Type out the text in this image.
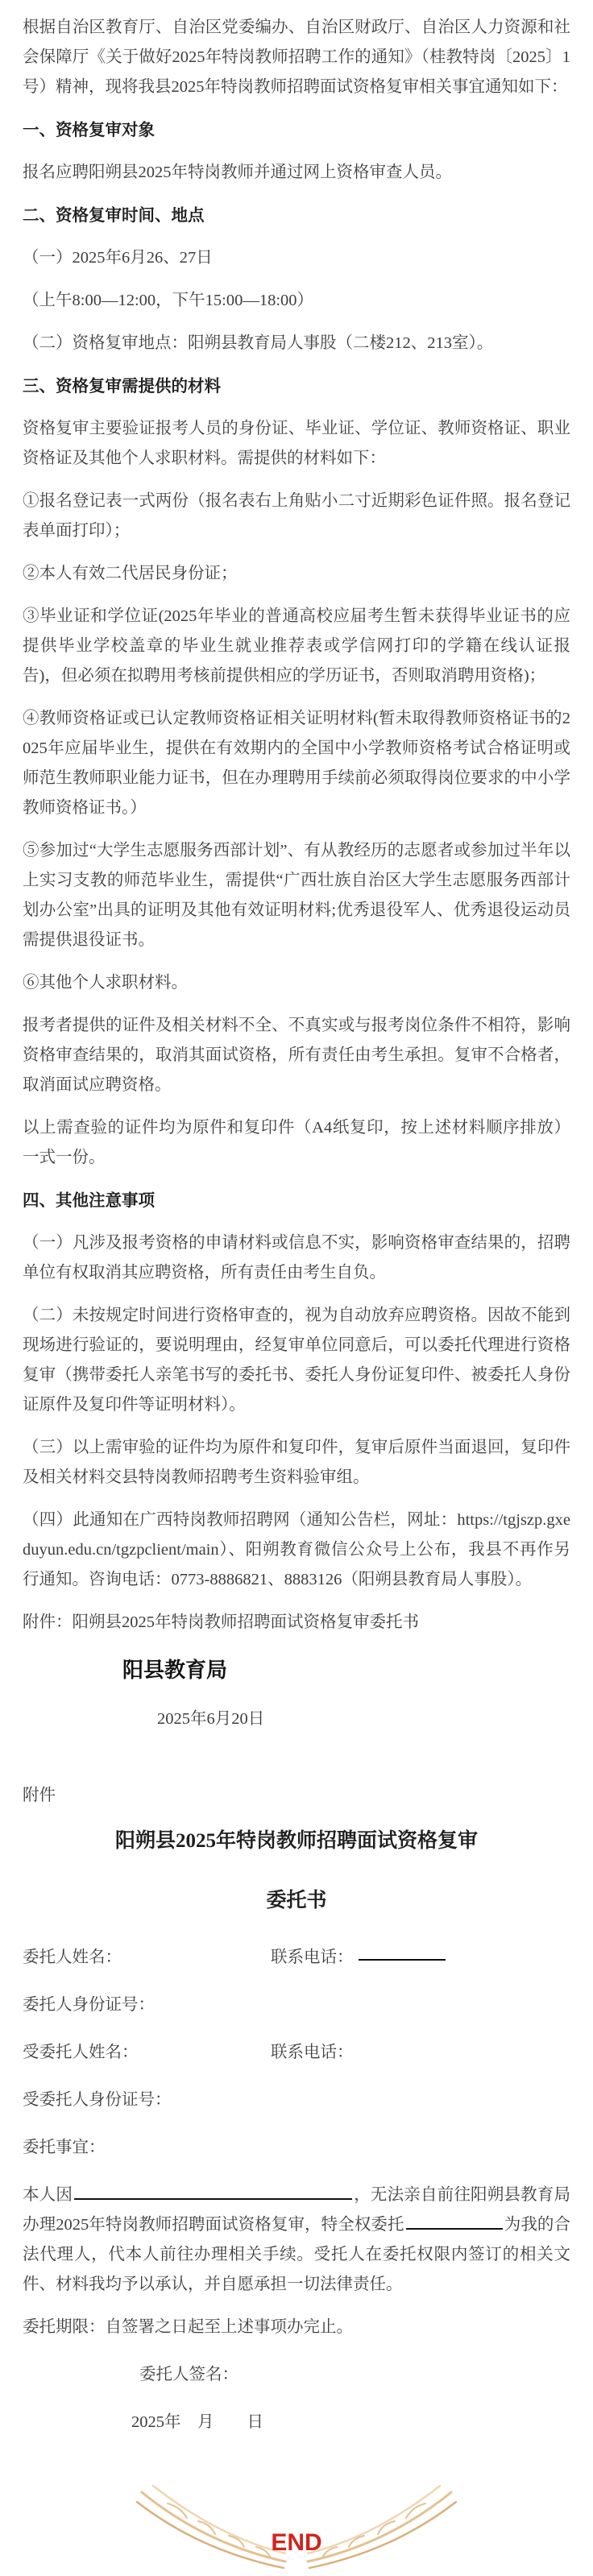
根据自治区教育厅、自治区党委编办、自治区财政厅、自治区人力资源和社会保障厅《关于做好2025年特岗教师招聘工作的通知》（桂教特岗〔2025〕1号）精神，现将我县2025年特岗教师招聘面试资格复审相关事宜通知如下：

一、资格复审对象

报名应聘阳朔县2025年特岗教师并通过网上资格审查人员。

二、资格复审时间、地点

（一）2025年6月26、27日

（上午8:00—12:00，下午15:00—18:00）

（二）资格复审地点：阳朔县教育局人事股（二楼212、213室）。

三、资格复审需提供的材料

资格复审主要验证报考人员的身份证、毕业证、学位证、教师资格证、职业资格证及其他个人求职材料。需提供的材料如下：

①报名登记表一式两份（报名表右上角贴小二寸近期彩色证件照。报名登记表单面打印）；

②本人有效二代居民身份证；

③毕业证和学位证(2025年毕业的普通高校应届考生暂未获得毕业证书的应提供毕业学校盖章的毕业生就业推荐表或学信网打印的学籍在线认证报告)，但必须在拟聘用考核前提供相应的学历证书，否则取消聘用资格)；

④教师资格证或已认定教师资格证相关证明材料(暂未取得教师资格证书的2025年应届毕业生，提供在有效期内的全国中小学教师资格考试合格证明或师范生教师职业能力证书，但在办理聘用手续前必须取得岗位要求的中小学教师资格证书。）

⑤参加过“大学生志愿服务西部计划”、有从教经历的志愿者或参加过半年以上实习支教的师范毕业生，需提供“广西壮族自治区大学生志愿服务西部计划办公室”出具的证明及其他有效证明材料;优秀退役军人、优秀退役运动员需提供退役证书。

⑥其他个人求职材料。

报考者提供的证件及相关材料不全、不真实或与报考岗位条件不相符，影响资格审查结果的，取消其面试资格，所有责任由考生承担。复审不合格者，取消面试应聘资格。

以上需查验的证件均为原件和复印件（A4纸复印，按上述材料顺序排放）一式一份。

四、其他注意事项

（一）凡涉及报考资格的申请材料或信息不实，影响资格审查结果的，招聘单位有权取消其应聘资格，所有责任由考生自负。

（二）未按规定时间进行资格审查的，视为自动放弃应聘资格。因故不能到现场进行验证的，要说明理由，经复审单位同意后，可以委托代理进行资格复审（携带委托人亲笔书写的委托书、委托人身份证复印件、被委托人身份证原件及复印件等证明材料）。

（三）以上需审验的证件均为原件和复印件，复审后原件当面退回，复印件及相关材料交县特岗教师招聘考生资料验审组。

（四）此通知在广西特岗教师招聘网（通知公告栏，网址：https://tgjszp.gxeduyun.edu.cn/tgzpclient/main）、阳朔教育微信公众号上公布，我县不再作另行通知。咨询电话：0773-8886821、8883126（阳朔县教育局人事股）。

附件：阳朔县2025年特岗教师招聘面试资格复审委托书

阳县教育局
2025年6月20日

附件

阳朔县2025年特岗教师招聘面试资格复审
委托书
委托人姓名：	联系电话：
委托人身份证号：
受委托人姓名：	联系电话：
受委托人身份证号：
委托事宜：

本人因	，无法亲自前往阳朔县教育局办理2025年特岗教师招聘面试资格复审，特全权委托	为我的合法代理人，代本人前往办理相关手续。受托人在委托权限内签订的相关文件、材料我均予以承认，并自愿承担一切法律责任。

委托期限：自签署之日起至上述事项办完止。

委托人签名：

2025年　月　　日

END
